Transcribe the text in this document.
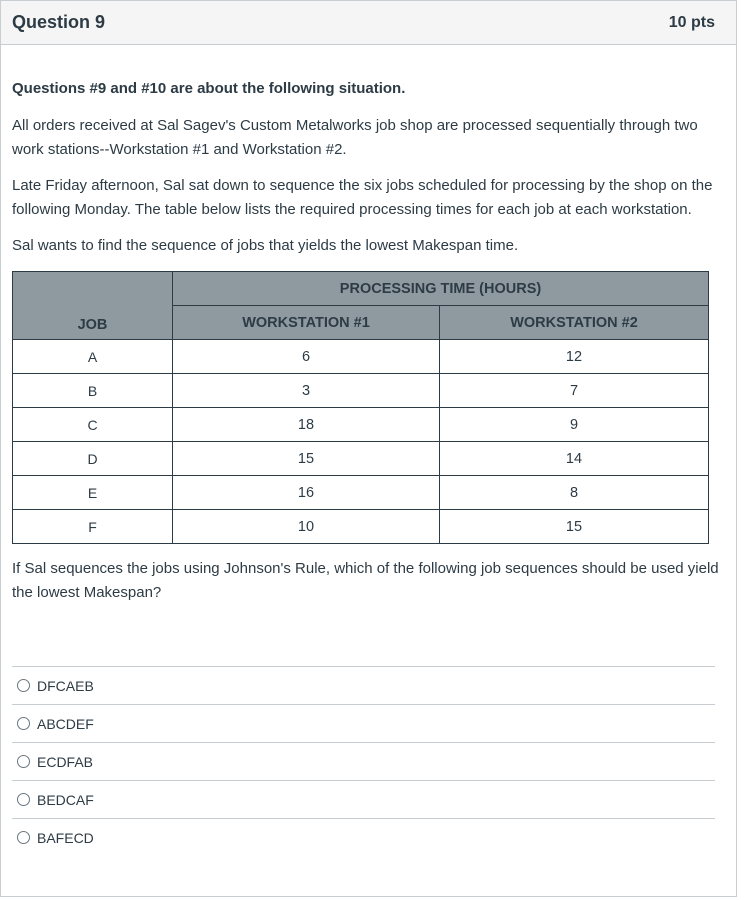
Question 9	10 pts

Questions #9 and #10 are about the following situation.

All orders received at Sal Sagev's Custom Metalworks job shop are processed sequentially through two work stations--Workstation #1 and Workstation #2.

Late Friday afternoon, Sal sat down to sequence the six jobs scheduled for processing by the shop on the following Monday. The table below lists the required processing times for each job at each workstation.

Sal wants to find the sequence of jobs that yields the lowest Makespan time.

JOB	PROCESSING TIME (HOURS)	
	WORKSTATION #1	WORKSTATION #2
A	6	12
B	3	7
C	18	9
D	15	14
E	16	8
F	10	15

If Sal sequences the jobs using Johnson's Rule, which of the following job sequences should be used yield the lowest Makespan?

DFCAEB
ABCDEF
ECDFAB
BEDCAF
BAFECD
